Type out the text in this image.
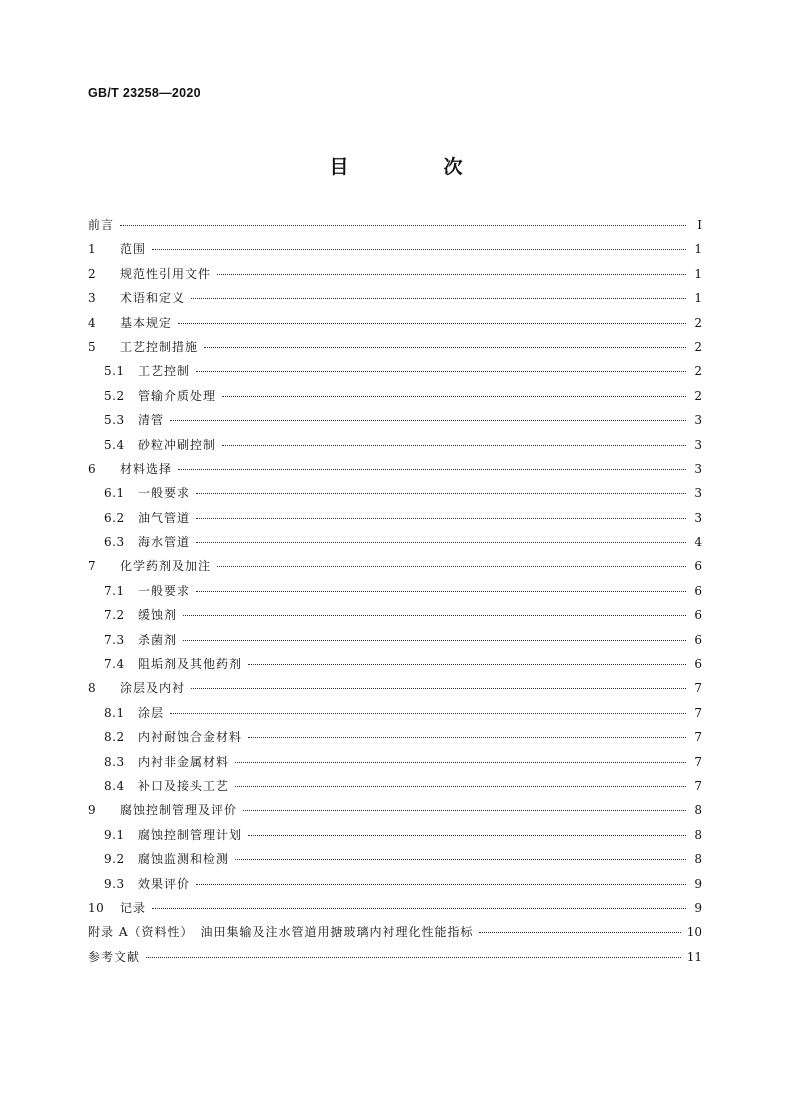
GB/T 23258—2020
目　次
前言	Ⅰ
1	范围	1
2	规范性引用文件	1
3	术语和定义	1
4	基本规定	2
5	工艺控制措施	2
5.1 工艺控制	2
5.2 管输介质处理	2
5.3 清管	3
5.4 砂粒冲刷控制	3
6	材料选择	3
6.1 一般要求	3
6.2 油气管道	3
6.3 海水管道	4
7	化学药剂及加注	6
7.1 一般要求	6
7.2 缓蚀剂	6
7.3 杀菌剂	6
7.4 阻垢剂及其他药剂	6
8	涂层及内衬	7
8.1 涂层	7
8.2 内衬耐蚀合金材料	7
8.3 内衬非金属材料	7
8.4 补口及接头工艺	7
9	腐蚀控制管理及评价	8
9.1 腐蚀控制管理计划	8
9.2 腐蚀监测和检测	8
9.3 效果评价	9
10	记录	9
附录 A（资料性）　油田集输及注水管道用搪玻璃内衬理化性能指标	10
参考文献	11
